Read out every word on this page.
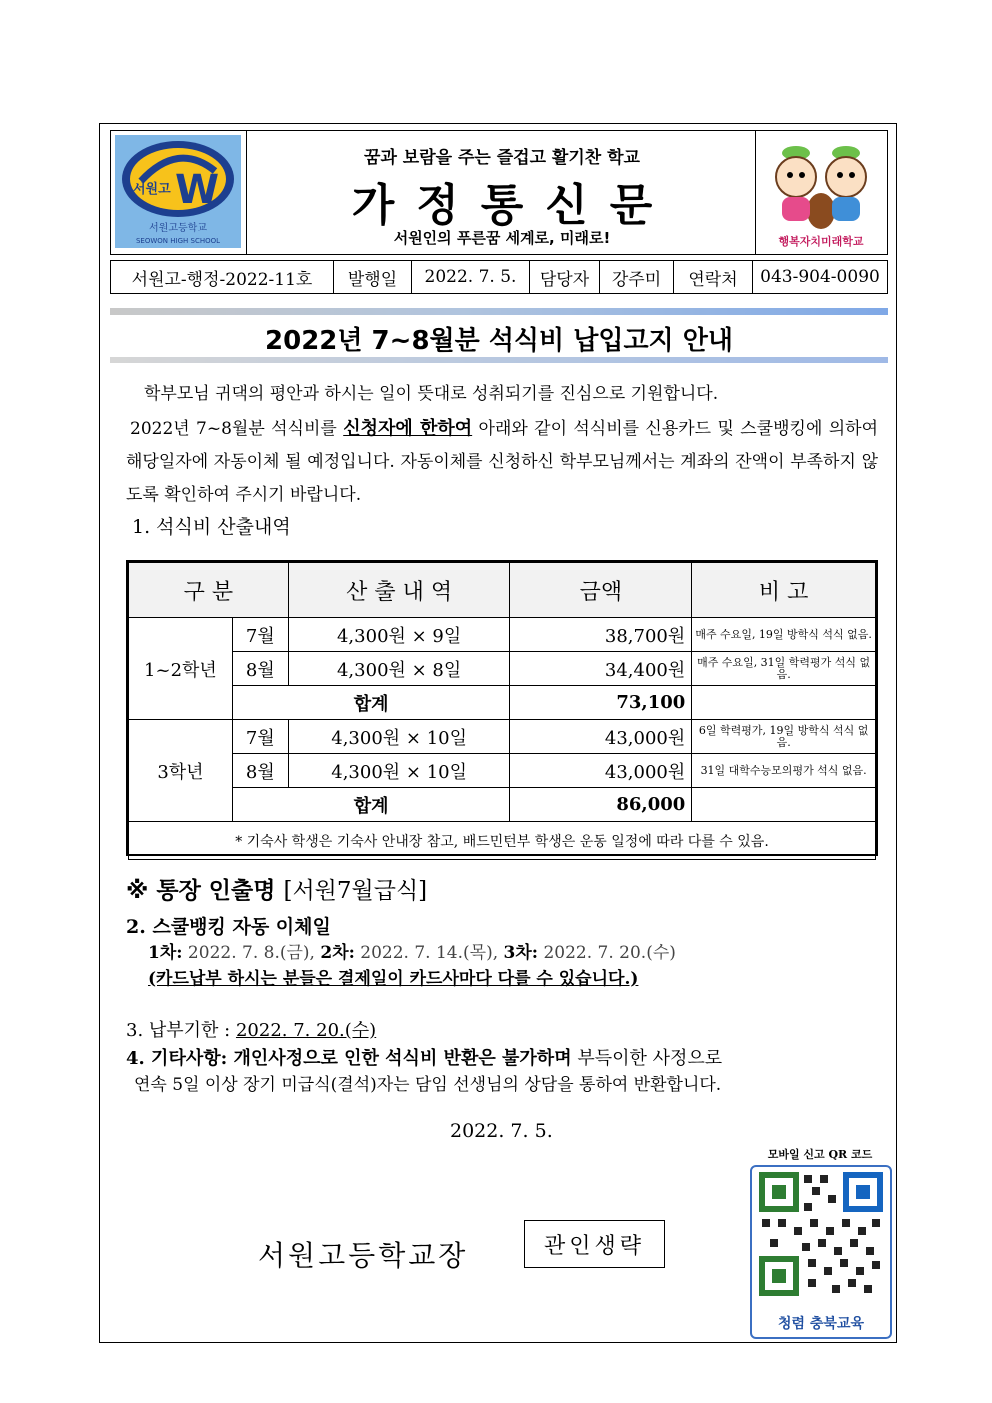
W
서원고
서원고등학교
SEOWON HIGH SCHOOL
꿈과 보람을 주는 즐겁고 활기찬 학교
가정통신문
서원인의 푸른꿈 세계로, 미래로!	행복자치미래학교
서원고-행정-2022-11호	발행일	2022. 7. 5.	담당자	강주미	연락처	043-904-0090
2022년 7~8월분 석식비 납입고지 안내
학부모님 귀댁의 평안과 하시는 일이 뜻대로 성취되기를 진심으로 기원합니다.
2022년 7~8월분 석식비를 신청자에 한하여 아래와 같이 석식비를 신용카드 및 스쿨뱅킹에 의하여 해당일자에 자동이체 될 예정입니다. 자동이체를 신청하신 학부모님께서는 계좌의 잔액이 부족하지 않도록 확인하여 주시기 바랍니다.
1. 석식비 산출내역
구 분		산 출 내 역	금액	비 고
1~2학년	7월	4,300원 × 9일	38,700원	매주 수요일, 19일 방학식 석식 없음.
	8월	4,300원 × 8일	34,400원	매주 수요일, 31일 학력평가 석식 없음.
	합계		73,100	
3학년	7월	4,300원 × 10일	43,000원	6일 학력평가, 19일 방학식 석식 없음.
	8월	4,300원 × 10일	43,000원	31일 대학수능모의평가 석식 없음.
	합계		86,000	
* 기숙사 학생은 기숙사 안내장 참고, 배드민턴부 학생은 운동 일정에 따라 다를 수 있음.				
※ 통장 인출명 [서원7월급식]
2. 스쿨뱅킹 자동 이체일
1차: 2022. 7. 8.(금), 2차: 2022. 7. 14.(목), 3차: 2022. 7. 20.(수)
(카드납부 하시는 분들은 결제일이 카드사마다 다를 수 있습니다.)
3. 납부기한 : 2022. 7. 20.(수)
4. 기타사항: 개인사정으로 인한 석식비 반환은 불가하며 부득이한 사정으로
연속 5일 이상 장기 미급식(결석)자는 담임 선생님의 상담을 통하여 반환합니다.
2022. 7. 5.
서원고등학교장	관인생략
모바일 신고 QR 코드
청렴 충북교육
